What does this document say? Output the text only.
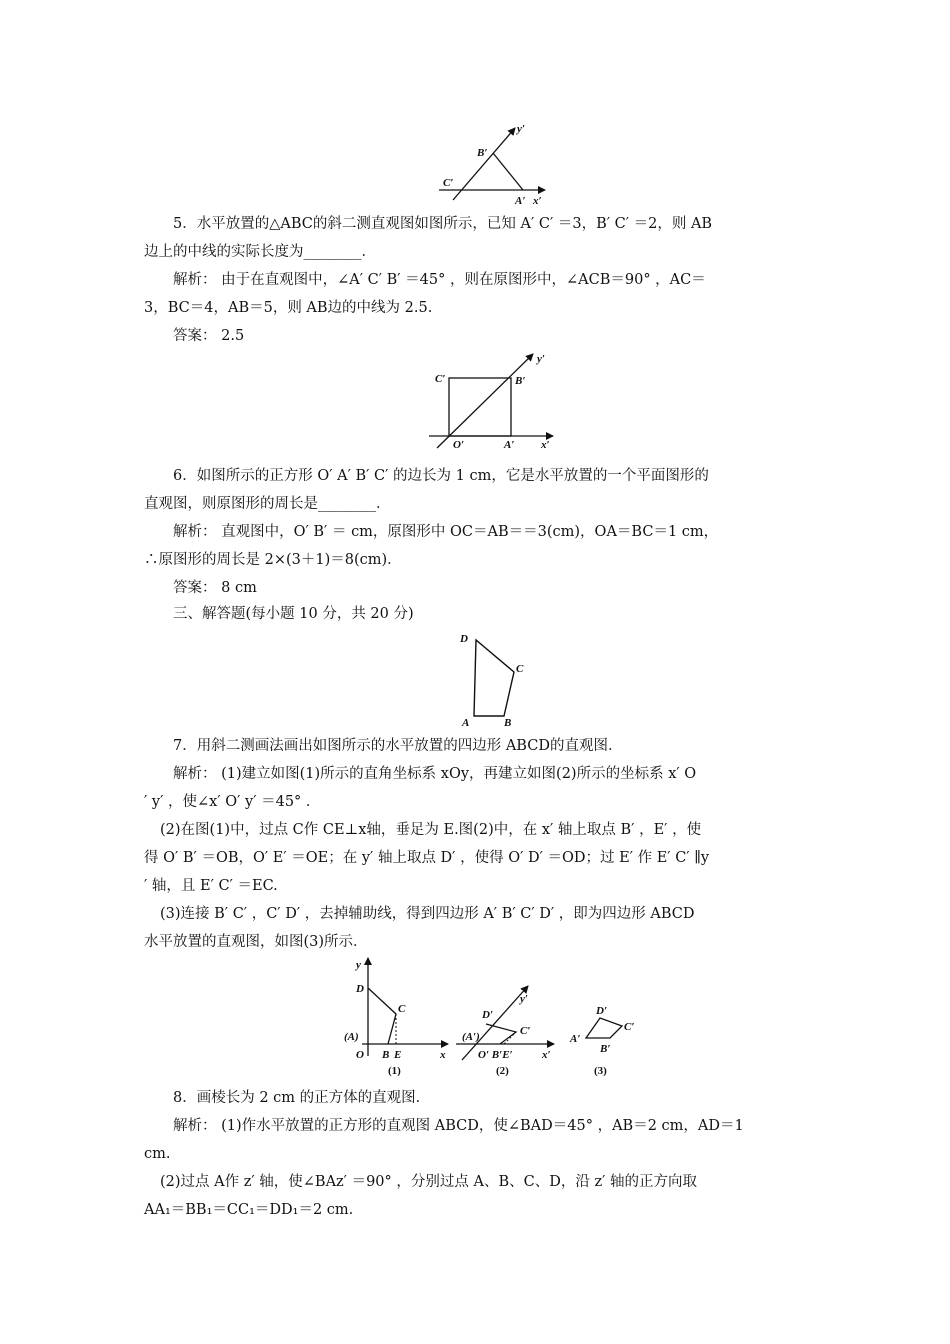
B′
C′
A′ x′
y′
5．水平放置的△ABC的斜二测直观图如图所示，已知 A′ C′ ＝3，B′ C′ ＝2，则 AB
边上的中线的实际长度为________．
解析： 由于在直观图中，∠A′ C′ B′ ＝45° ，则在原图形中，∠ACB＝90° ，AC＝
3，BC＝4，AB＝5，则 AB边的中线为 2.5.
答案： 2.5
C′	B′
O′	A′ x′
y′
6．如图所示的正方形 O′ A′ B′ C′ 的边长为 1 cm，它是水平放置的一个平面图形的
直观图，则原图形的周长是________．
解析： 直观图中，O′ B′ ＝ cm，原图形中 OC＝AB＝＝3(cm)，OA＝BC＝1 cm，
∴原图形的周长是 2×(3＋1)＝8(cm)．
答案： 8 cm
三、解答题(每小题 10 分，共 20 分)
D
C
A	B
7．用斜二测画法画出如图所示的水平放置的四边形 ABCD的直观图．
解析： (1)建立如图(1)所示的直角坐标系 xOy，再建立如图(2)所示的坐标系 x′ O
′ y′ ，使∠x′ O′ y′ ＝45° ．
(2)在图(1)中，过点 C作 CE⊥x轴，垂足为 E.图(2)中，在 x′ 轴上取点 B′ ，E′ ，使
得 O′ B′ ＝OB，O′ E′ ＝OE；在 y′ 轴上取点 D′ ，使得 O′ D′ ＝OD；过 E′ 作 E′ C′ ∥y
′ 轴，且 E′ C′ ＝EC.
(3)连接 B′ C′ ，C′ D′ ，去掉辅助线，得到四边形 A′ B′ C′ D′ ，即为四边形 ABCD
水平放置的直观图，如图(3)所示．
y
D
C
(A)
O B E	x
(1)
D′
y′
C′
(A′)
O′ B′E′	x′
(2)
D′
C′
A′
B′
(3)
8．画棱长为 2 cm 的正方体的直观图．
解析： (1)作水平放置的正方形的直观图 ABCD，使∠BAD＝45° ，AB＝2 cm，AD＝1
cm.
(2)过点 A作 z′ 轴，使∠BAz′ ＝90° ，分别过点 A、B、C、D，沿 z′ 轴的正方向取
AA₁＝BB₁＝CC₁＝DD₁＝2 cm.
